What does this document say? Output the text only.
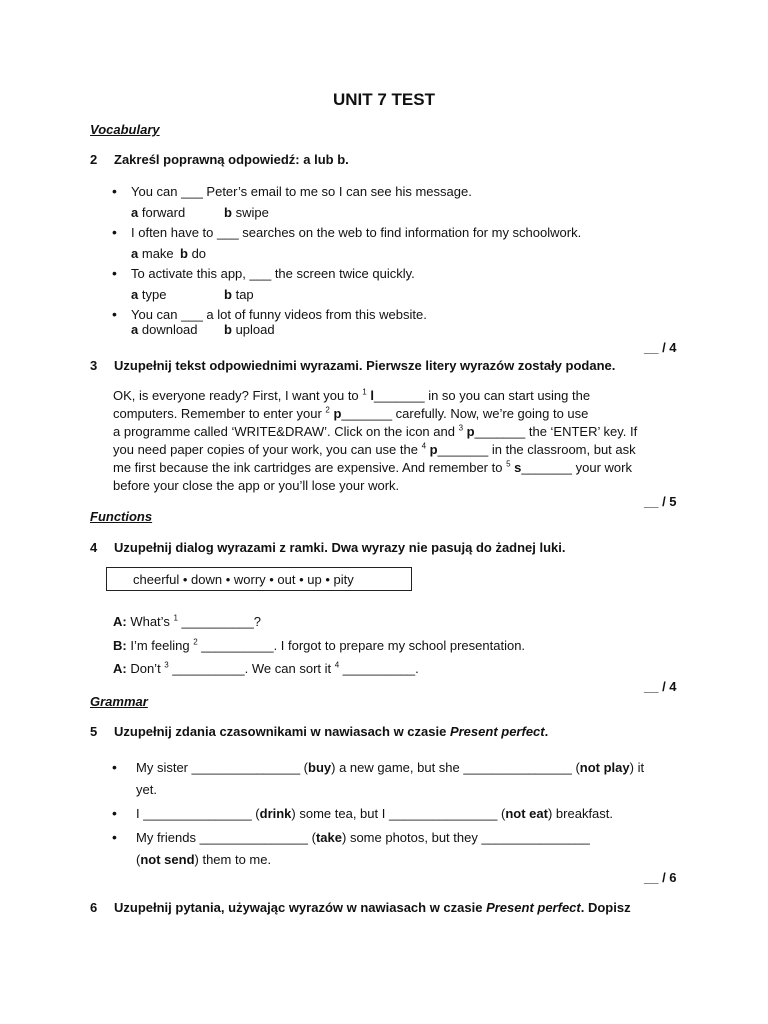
UNIT 7 TEST
Vocabulary
2 Zakreśl poprawną odpowiedź: a lub b.
• You can ___ Peter’s email to me so I can see his message.
a forward	b swipe
• I often have to ___ searches on the web to find information for my schoolwork.
a make b do
• To activate this app, ___ the screen twice quickly.
a type	b tap
• You can ___ a lot of funny videos from this website.
a download b upload
__ / 4
3 Uzupełnij tekst odpowiednimi wyrazami. Pierwsze litery wyrazów zostały podane.
OK, is everyone ready? First, I want you to $^1$ l_______ in so you can start using the
computers. Remember to enter your $^2$ p_______ carefully. Now, we’re going to use
a programme called ‘WRITE&DRAW’. Click on the icon and $^3$ p_______ the ‘ENTER’ key. If
you need paper copies of your work, you can use the $^4$ p_______ in the classroom, but ask
me first because the ink cartridges are expensive. And remember to $^5$ s_______ your work
before your close the app or you’ll lose your work.
__ / 5
Functions
4 Uzupełnij dialog wyrazami z ramki. Dwa wyrazy nie pasują do żadnej luki.
cheerful • down • worry • out • up • pity
A: What’s $^1$ __________?
B: I’m feeling $^2$ __________. I forgot to prepare my school presentation.
A: Don’t $^3$ __________. We can sort it $^4$ __________.
__ / 4
Grammar
5 Uzupełnij zdania czasownikami w nawiasach w czasie Present perfect.
• My sister _______________ (buy) a new game, but she _______________ (not play) it
yet.
• I _______________ (drink) some tea, but I _______________ (not eat) breakfast.
• My friends _______________ (take) some photos, but they _______________
(not send) them to me.
__ / 6
6 Uzupełnij pytania, używając wyrazów w nawiasach w czasie Present perfect. Dopisz
